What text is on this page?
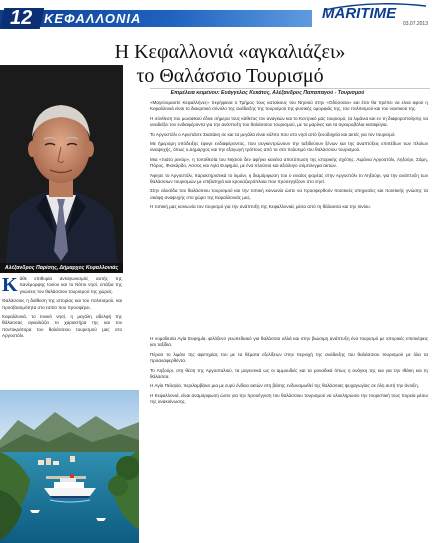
12 ΚΕΦΑΛΛΟΝΙΑ	MARITIME
03.07.2013
Η Κεφαλλονιά «αγκαλιάζει»
το Θαλάσσιο Τουρισμό
Επιμέλεια κειμένου: Ευάγγελος Κεκάτος, Αλέξανδρος Παπαπαγού - Τουρισμού
Αλέξανδρος Παρίσης, Δήμαρχος Κεφαλλονιάς

«Μαγεύομαστε Κεφαλλήνες» περήφανα ο Τμήμος τους κατοίκους του Νησιού στην «Οδύσσεια» και έτσι θα πρέπει να είναι αφού η Κεφαλλονιά είναι το διακριτικό σύνολο της ανάδειξης της τουρισμού της φυσικής ομορφιάς της, του πολιτισμού και του ναυτικού της.

Η σύνθεση του μωσαϊκού έδινε σήμερα τους κάθετος τον αναγκών και το Κεντρικό μας τουρισμό, τα λιμάνια και εν τη διαφοροποίησης να αναδείξει τον ενδιαφέροντα για την ανάπτυξη του θαλάσσιου τουρισμού, με τα μαρίνες και τα αγκυροβόλια καταφύγια.

Το Αργοστόλι ο Αριστάντε Σκατάκη σε και τα μεγάλα είναι κόλπο που στο νησί από ξενοδοχεία και ακτές για τον τουρισμό.

Με ήμερομη υπόδειξης έφυγε ενδιαφέροντος, που συγκεντρώνουν την ταξιδεύουν ξένων και της αναπτύξεις επιπέδων των πλοίων αναψυχής, όπως ο Δήμαρχος και την εξαγωγή τρόπους από τα στο πολυτιμό του θαλάσσιου τουρισμού.

Μια «πιάτο ρεκόρ», η τοποθεσία του Νησιού δεν αφήνει κανένα αποτύπωση της ιστορικής σχέσης. Λιμάνια Αργοστόλι, Ληξούρι, Σάμη, Πόρος, Φισκάρδο, Ασσος και Αγία Ευφημία, με ένα πλούσιο και αξιόλογο σύμπλεγμα ακτών.

Άφησε το Αργοστόλι, Χαρακτηριστικά το λιμάνι, η διαμόρφωση του ο ενιαίος φορέας στην Αργοστόλι το Ληξούρι, για την ανάπτυξη των θαλάσσιων τουρισμών με επιβατηγά και κρουαζιερόπλοια που προσεγγίζουν στο νησί.

Στην αλυσίδα του θαλάσσιου τουρισμού και την τοπική κοινωνία ώστε να προσφερθούν ποιοτικές υπηρεσίες και ποιοτικής γνώσης τα σκάφη αναψυχής στο χώρο της Κεφαλλονιάς μας.

Η τοπική μας κοινωνία τον τουρισμό για την ανάπτυξη της Κεφαλλονιάς μέσα από τη θάλασσα και την Ιονίου.

Κάθε επιθυμία ανταγωνισμός αυτής της πανέμορφης Ιονίου και το Νότιο νησί, επάξια της γνώσεις του θαλάσσιου τουρισμού της χώρας.

Θαλάσσιος η διάθεση της ιστορίας και του πολιτισμού, και προσβασιμότητα στο τοπίο που προσφέρει.

Κεφαλλονιά, το Ιονικό νησί, η μεγάλη αδελφή της θάλασσας αγκαλιάζει το χαρακτήρα της και τον ποντοκράτορα του θαλάσσιου τουρισμού μας στο Αργοστόλι.

Η νομοθεσία Αγία Ευφημία, φιλόξενο γεωπεδιακό για θαλάσσιο αλλά και στην βιώσιμη ανάπτυξη ένα τουρισμό με ιστορικές επισκέψεις και ταξίδια.

Πέρασ το λιμάνι της αφετηρίας του με τα θέματα εξελίξεων στην περιοχή της ανάδειξης του θαλάσσιου τουρισμού με όλα τα προαναφερθέντα.

Το Ληξούρι, στη θέση της Αργοστολιού, τα μαγευτικά ως οι αμμουδιές και τα μοναδικά όπως η ανάγκη της και για την Ιθάκη και τη θάλασσα.

Η Αγία Πελαγία, περιλαμβάνει μια με ευρύ ένδεια ακτών στη βάσης ενδυναμωθεί της θαλάσσιας ψυχαγωγίας σε όλη αυτή την άνοιξη.

Η Κεφαλλονιά, είναι αναμόρφωση ώστε για την προσέγγιση του θαλάσσιου τουρισμού να ολοκληρώσει την τουριστική τους πορεία μέσω της ανακοίνωσης.
